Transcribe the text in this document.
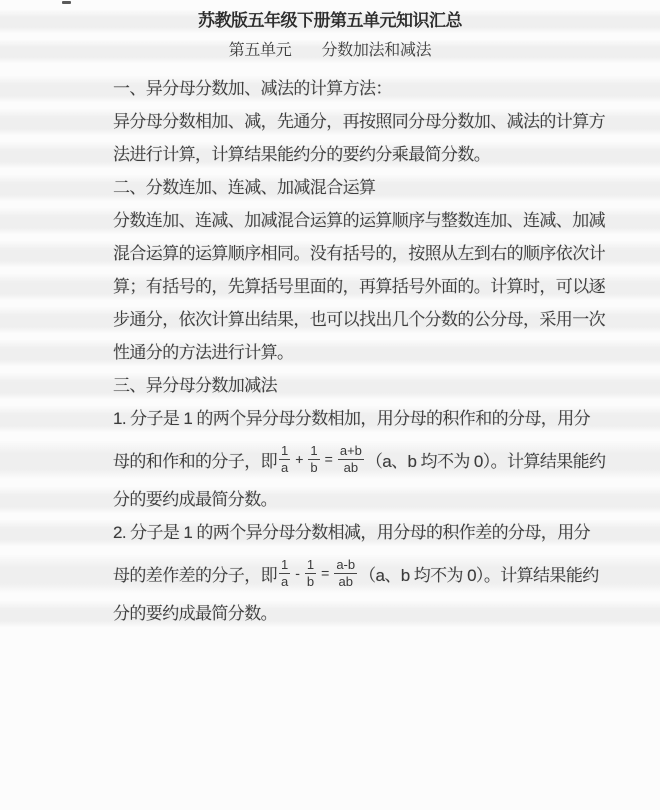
苏教版五年级下册第五单元知识汇总
第五单元 分数加法和减法
一、异分母分数加、减法的计算方法：
异分母分数相加、减，先通分，再按照同分母分数加、减法的计算方
法进行计算，计算结果能约分的要约分乘最简分数。
二、分数连加、连减、加减混合运算
分数连加、连减、加减混合运算的运算顺序与整数连加、连减、加减
混合运算的运算顺序相同。没有括号的，按照从左到右的顺序依次计
算；有括号的，先算括号里面的，再算括号外面的。计算时，可以逐
步通分，依次计算出结果，也可以找出几个分数的公分母，采用一次
性通分的方法进行计算。
三、异分母分数加减法
1. 分子是 1 的两个异分母分数相加，用分母的积作和的分母，用分
母的和作和的分子，即 $\frac{1}{a} + \frac{1}{b} = \frac{a+b}{ab} (a$、b 均不为 0）。计算结果能约
分的要约成最简分数。
2. 分子是 1 的两个异分母分数相减，用分母的积作差的分母，用分
母的差作差的分子，即 $\frac{1}{a} - \frac{1}{b} = \frac{a-b}{ab} (a$、b 均不为 0）。计算结果能约
分的要约成最简分数。
